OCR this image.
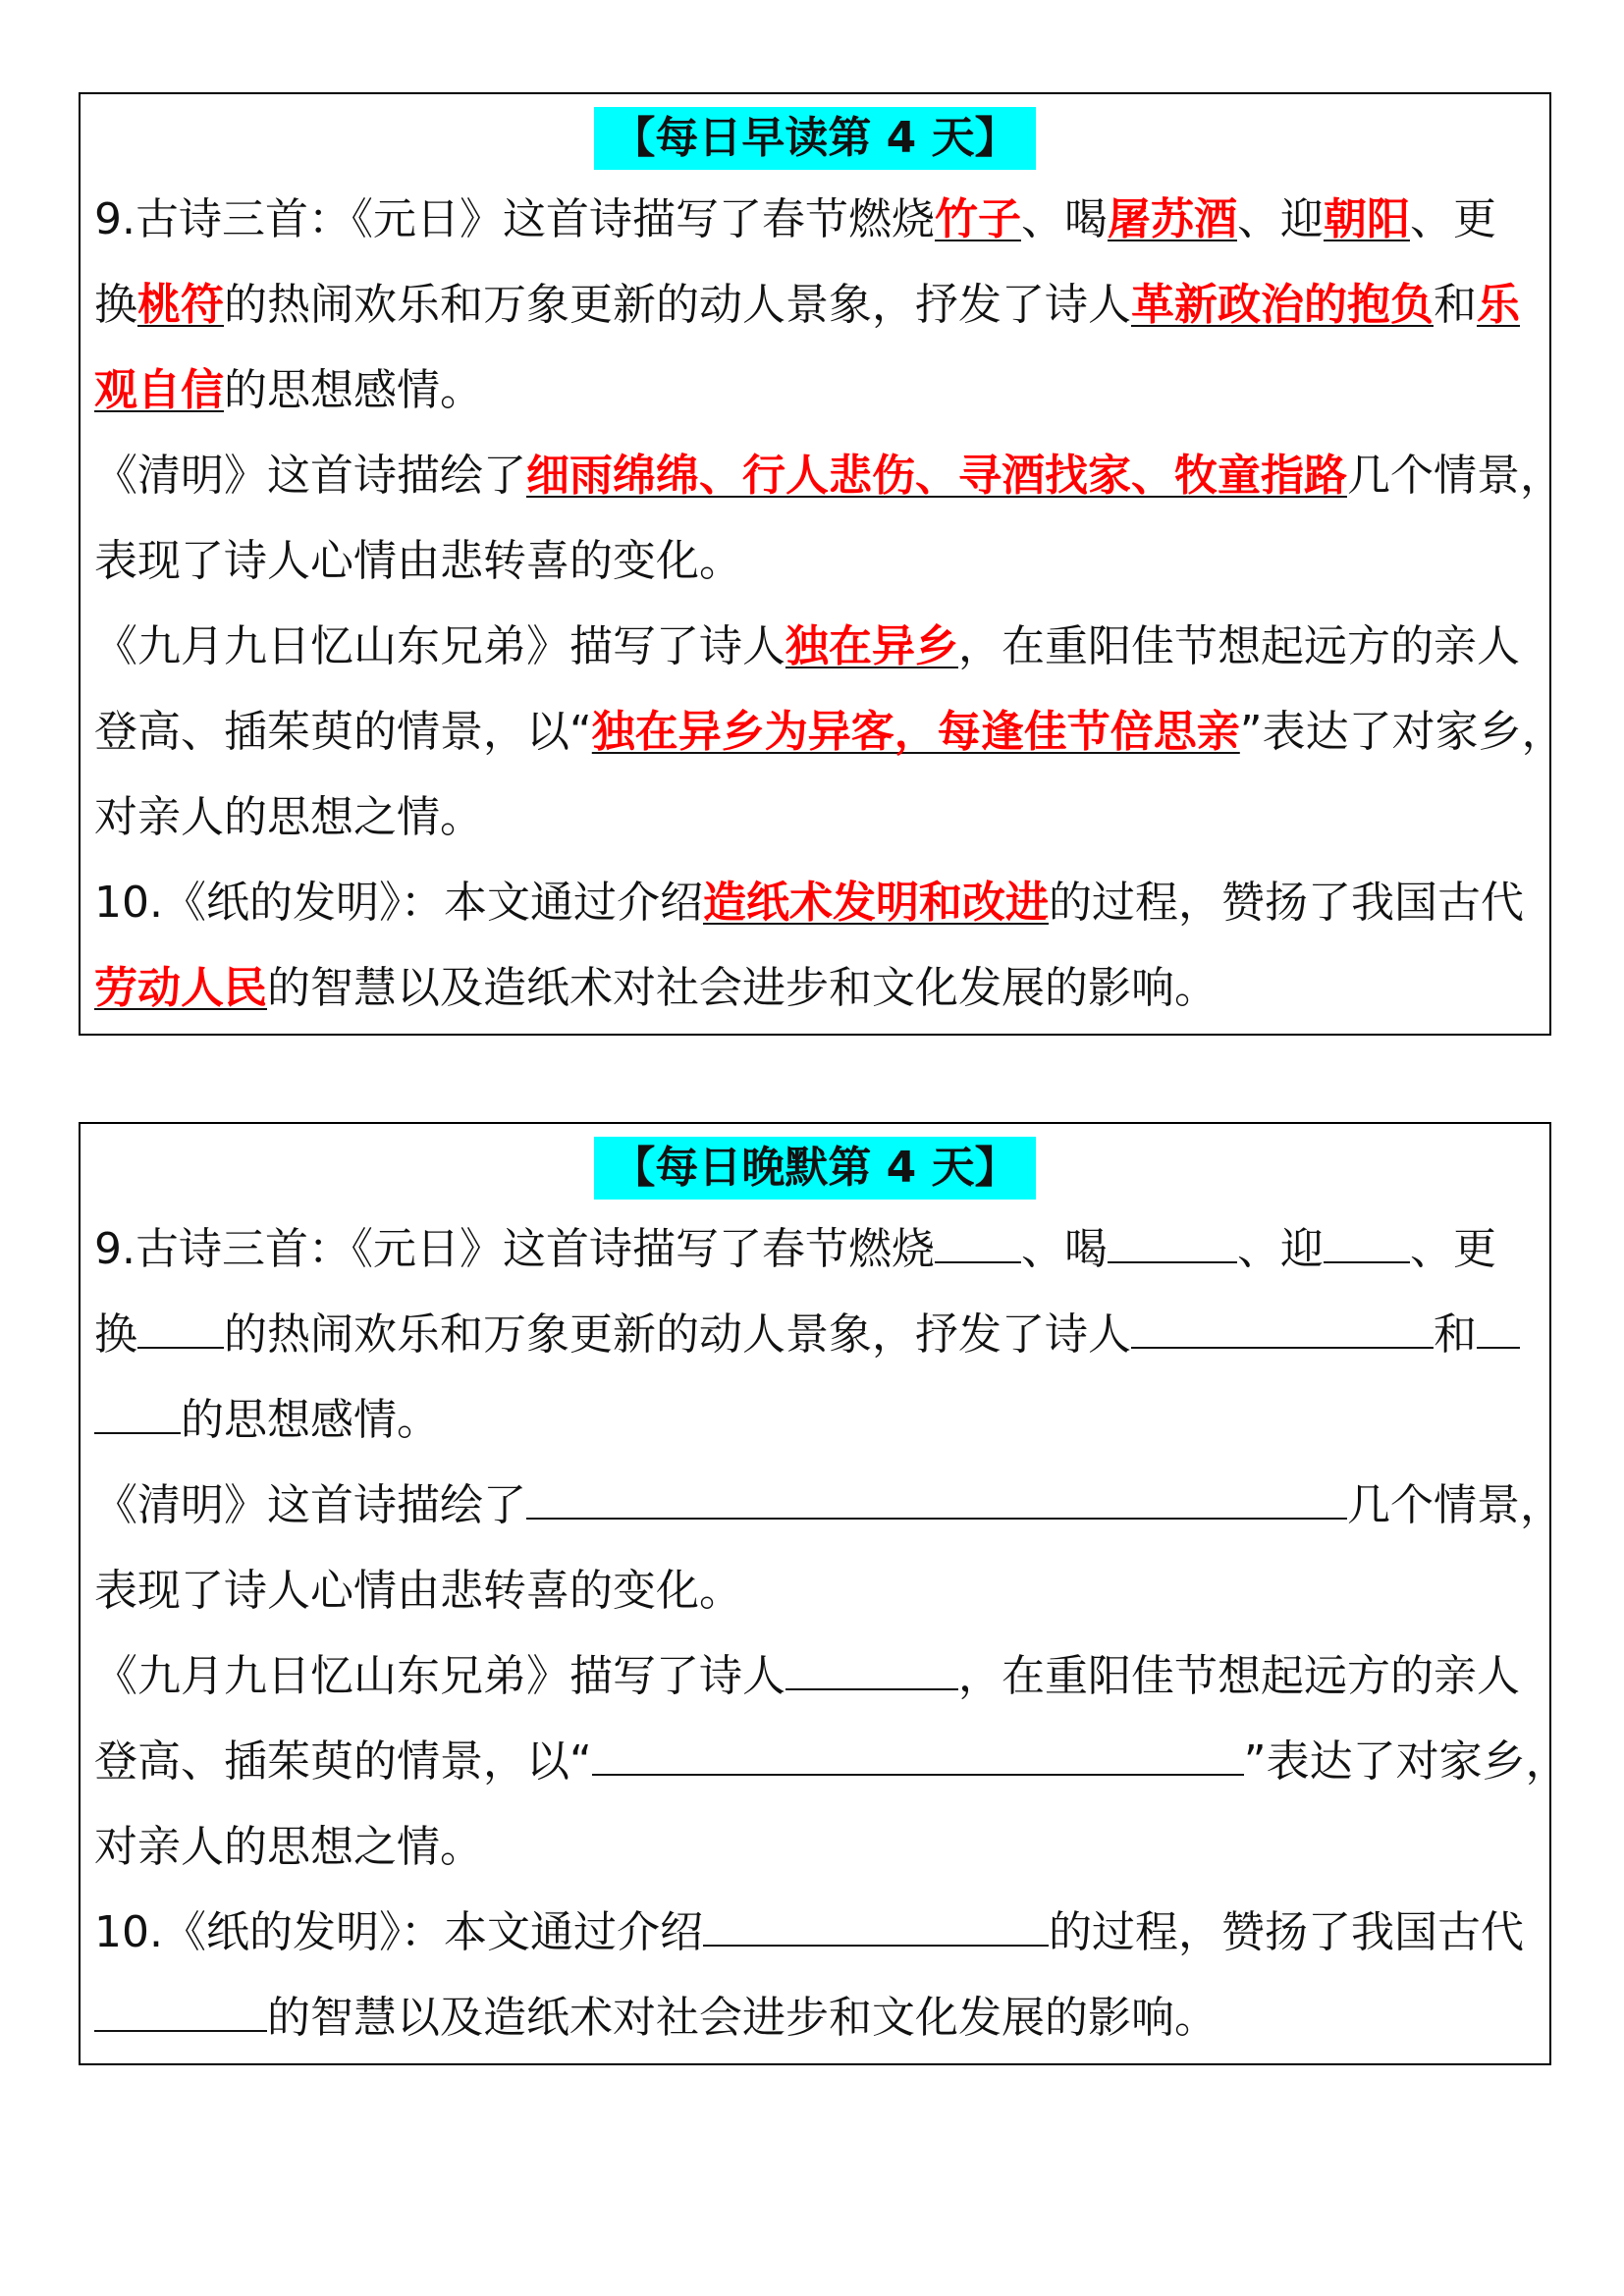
【每日早读第 4 天】

9.古诗三首：《元日》这首诗描写了春节燃烧竹子、喝屠苏酒、迎朝阳、更

换桃符的热闹欢乐和万象更新的动人景象，抒发了诗人革新政治的抱负和乐

观自信的思想感情。

《清明》这首诗描绘了细雨绵绵、行人悲伤、寻酒找家、牧童指路几个情景，

表现了诗人心情由悲转喜的变化。

《九月九日忆山东兄弟》描写了诗人独在异乡，在重阳佳节想起远方的亲人

登高、插茱萸的情景，以“独在异乡为异客，每逢佳节倍思亲”表达了对家乡，

对亲人的思想之情。

10.《纸的发明》：本文通过介绍造纸术发明和改进的过程，赞扬了我国古代

劳动人民的智慧以及造纸术对社会进步和文化发展的影响。

【每日晚默第 4 天】

9.古诗三首：《元日》这首诗描写了春节燃烧 、喝	、迎 、更

换 的热闹欢乐和万象更新的动人景象，抒发了诗人	和

的思想感情。

《清明》这首诗描绘了	几个情景，

表现了诗人心情由悲转喜的变化。

《九月九日忆山东兄弟》描写了诗人	，在重阳佳节想起远方的亲人

登高、插茱萸的情景，以“	”表达了对家乡，

对亲人的思想之情。

10.《纸的发明》：本文通过介绍	的过程，赞扬了我国古代

的智慧以及造纸术对社会进步和文化发展的影响。
